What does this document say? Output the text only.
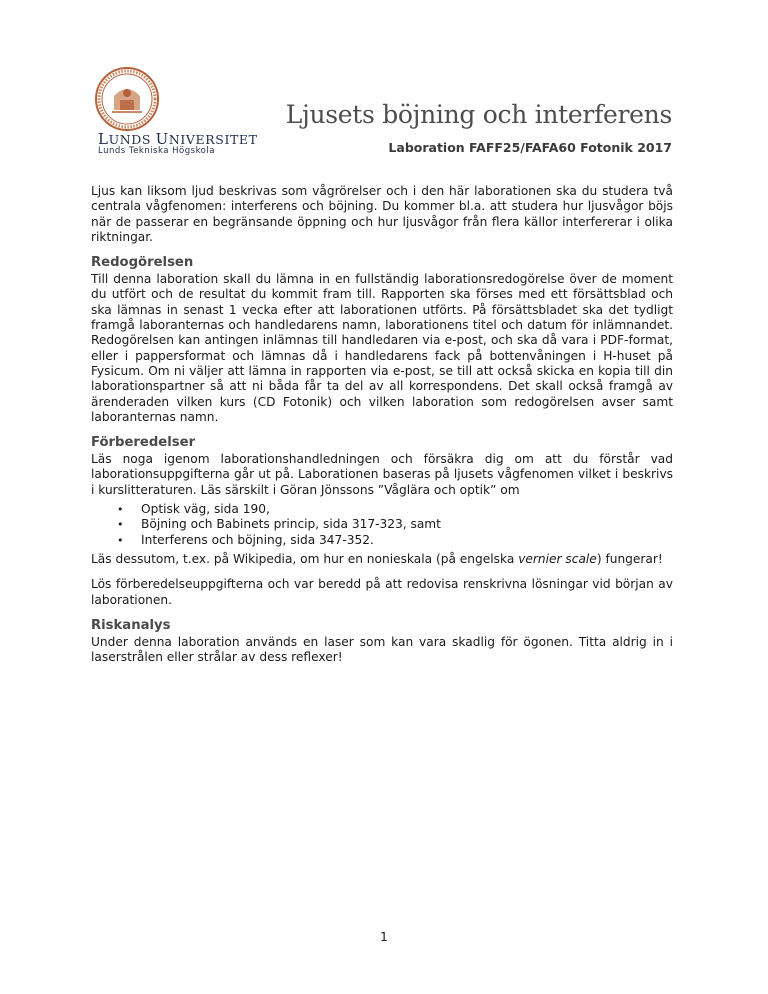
LUNDS UNIVERSITET
Lunds Tekniska Högskola
Ljusets böjning och interferens
Laboration FAFF25/FAFA60 Fotonik 2017

Ljus kan liksom ljud beskrivas som vågrörelser och i den här laborationen ska du studera två centrala vågfenomen: interferens och böjning. Du kommer bl.a. att studera hur ljusvågor böjs när de passerar en begränsande öppning och hur ljusvågor från flera källor interfererar i olika riktningar.

Redogörelsen

Till denna laboration skall du lämna in en fullständig laborationsredogörelse över de moment du utfört och de resultat du kommit fram till. Rapporten ska förses med ett försättsblad och ska lämnas in senast 1 vecka efter att laborationen utförts. På försättsbladet ska det tydligt framgå laboranternas och handledarens namn, laborationens titel och datum för inlämnandet. Redogörelsen kan antingen inlämnas till handledaren via e-post, och ska då vara i PDF-format, eller i pappersformat och lämnas då i handledarens fack på bottenvåningen i H-huset på Fysicum. Om ni väljer att lämna in rapporten via e-post, se till att också skicka en kopia till din laborationspartner så att ni båda får ta del av all korrespondens. Det skall också framgå av ärenderaden vilken kurs (CD Fotonik) och vilken laboration som redogörelsen avser samt laboranternas namn.

Förberedelser

Läs noga igenom laborationshandledningen och försäkra dig om att du förstår vad laborationsuppgifterna går ut på. Laborationen baseras på ljusets vågfenomen vilket i beskrivs i kurslitteraturen. Läs särskilt i Göran Jönssons ”Våglära och optik” om

• Optisk väg, sida 190,
• Böjning och Babinets princip, sida 317-323, samt
• Interferens och böjning, sida 347-352.

Läs dessutom, t.ex. på Wikipedia, om hur en nonieskala (på engelska vernier scale) fungerar!

Lös förberedelseuppgifterna och var beredd på att redovisa renskrivna lösningar vid början av laborationen.

Riskanalys

Under denna laboration används en laser som kan vara skadlig för ögonen. Titta aldrig in i laserstrålen eller strålar av dess reflexer!

1
